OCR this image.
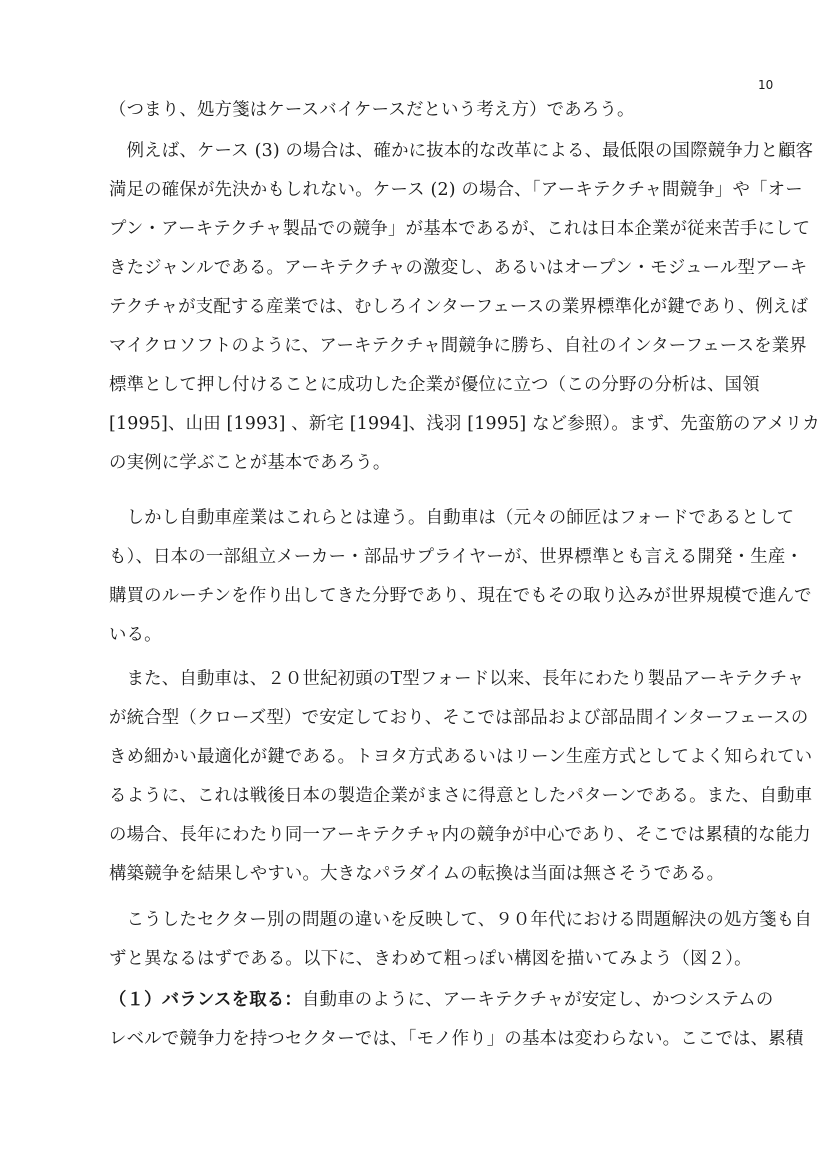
10
（つまり、処方箋はケースバイケースだという考え方）であろう。
　例えば、ケース (3) の場合は、確かに抜本的な改革による、最低限の国際競争力と顧客
満足の確保が先決かもしれない。ケース (2) の場合、「アーキテクチャ間競争」や「オー
プン・アーキテクチャ製品での競争」が基本であるが、これは日本企業が従来苦手にして
きたジャンルである。アーキテクチャの激変し、あるいはオープン・モジュール型アーキ
テクチャが支配する産業では、むしろインターフェースの業界標準化が鍵であり、例えば
マイクロソフトのように、アーキテクチャ間競争に勝ち、自社のインターフェースを業界
標準として押し付けることに成功した企業が優位に立つ（この分野の分析は、国領
[1995]、山田 [1993] 、新宅 [1994]、浅羽 [1995] など参照）。まず、先蛮筋のアメリカ
の実例に学ぶことが基本であろう。
　しかし自動車産業はこれらとは違う。自動車は（元々の師匠はフォードであるとして
も）、日本の一部組立メーカー・部品サプライヤーが、世界標準とも言える開発・生産・
購買のルーチンを作り出してきた分野であり、現在でもその取り込みが世界規模で進んで
いる。
　また、自動車は、２０世紀初頭のT型フォード以来、長年にわたり製品アーキテクチャ
が統合型（クローズ型）で安定しており、そこでは部品および部品間インターフェースの
きめ細かい最適化が鍵である。トヨタ方式あるいはリーン生産方式としてよく知られてい
るように、これは戦後日本の製造企業がまさに得意としたパターンである。また、自動車
の場合、長年にわたり同一アーキテクチャ内の競争が中心であり、そこでは累積的な能力
構築競争を結果しやすい。大きなパラダイムの転換は当面は無さそうである。
　こうしたセクター別の問題の違いを反映して、９０年代における問題解決の処方箋も自
ずと異なるはずである。以下に、きわめて粗っぽい構図を描いてみよう（図２）。
（１）バランスを取る：自動車のように、アーキテクチャが安定し、かつシステムの
レベルで競争力を持つセクターでは、「モノ作り」の基本は変わらない。ここでは、累積
